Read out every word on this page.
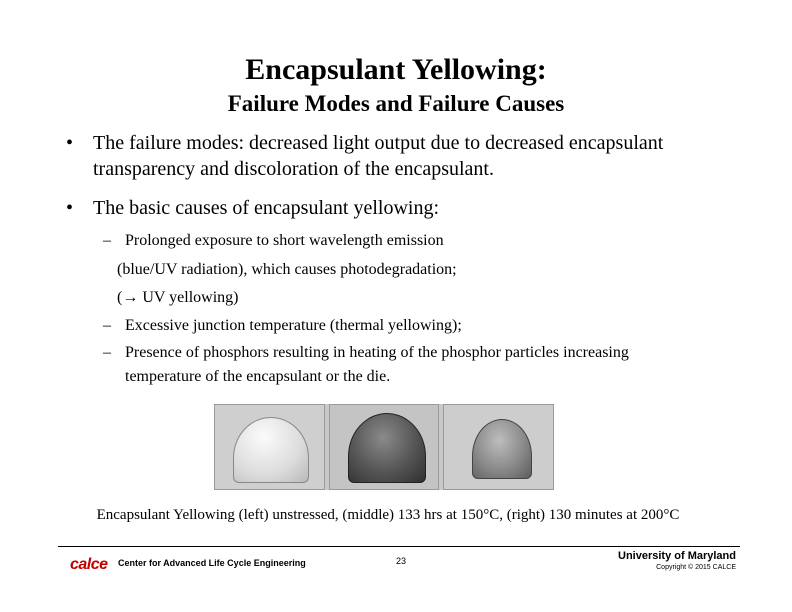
Encapsulant Yellowing:
Failure Modes and Failure Causes
• The failure modes: decreased light output due to decreased encapsulant transparency and discoloration of the encapsulant.
• The basic causes of encapsulant yellowing:
– Prolonged exposure to short wavelength emission
(blue/UV radiation), which causes photodegradation;
(→ UV yellowing)
– Excessive junction temperature (thermal yellowing);
– Presence of phosphors resulting in heating of the phosphor particles increasing temperature of the encapsulant or the die.
Encapsulant Yellowing (left) unstressed, (middle) 133 hrs at 150°C, (right) 130 minutes at 200°C
calce Center for Advanced Life Cycle Engineering	23	University of Maryland
Copyright © 2015 CALCE
